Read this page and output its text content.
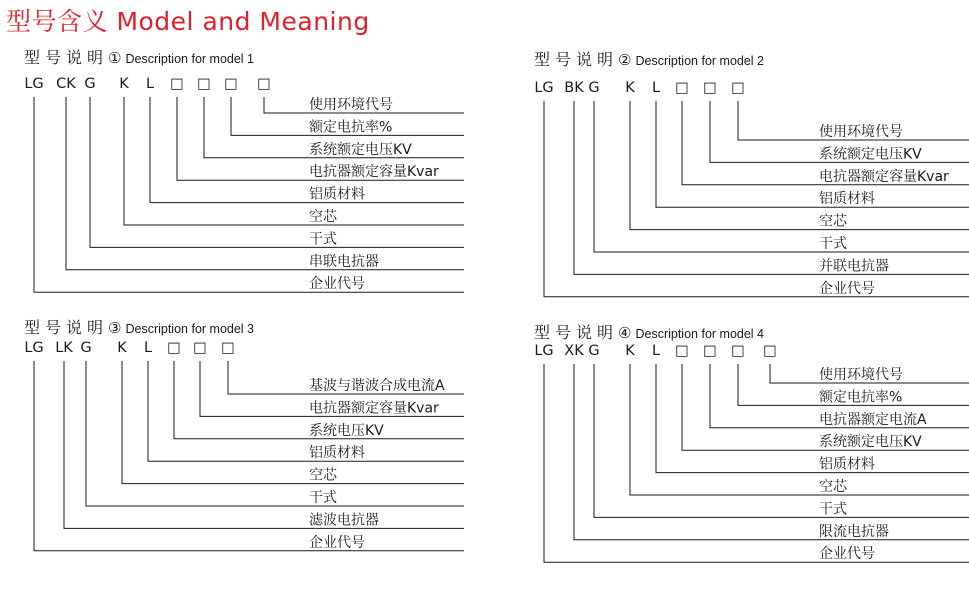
型号含义 Model and Meaning
型号说明① Description for model 1
LG CK G K L □ □ □ □
使用环境代号
额定电抗率%
系统额定电压KV
电抗器额定容量Kvar
铝质材料
空芯
干式
串联电抗器
企业代号
型号说明② Description for model 2
LG BK G K L □ □ □
使用环境代号
系统额定电压KV
电抗器额定容量Kvar
铝质材料
空芯
干式
并联电抗器
企业代号
型号说明③ Description for model 3
LG LK G K L □ □ □
基波与谐波合成电流A
电抗器额定容量Kvar
系统电压KV
铝质材料
空芯
干式
滤波电抗器
企业代号
型号说明④ Description for model 4
LG XK G K L □ □ □ □
使用环境代号
额定电抗率%
电抗器额定电流A
系统额定电压KV
铝质材料
空芯
干式
限流电抗器
企业代号
